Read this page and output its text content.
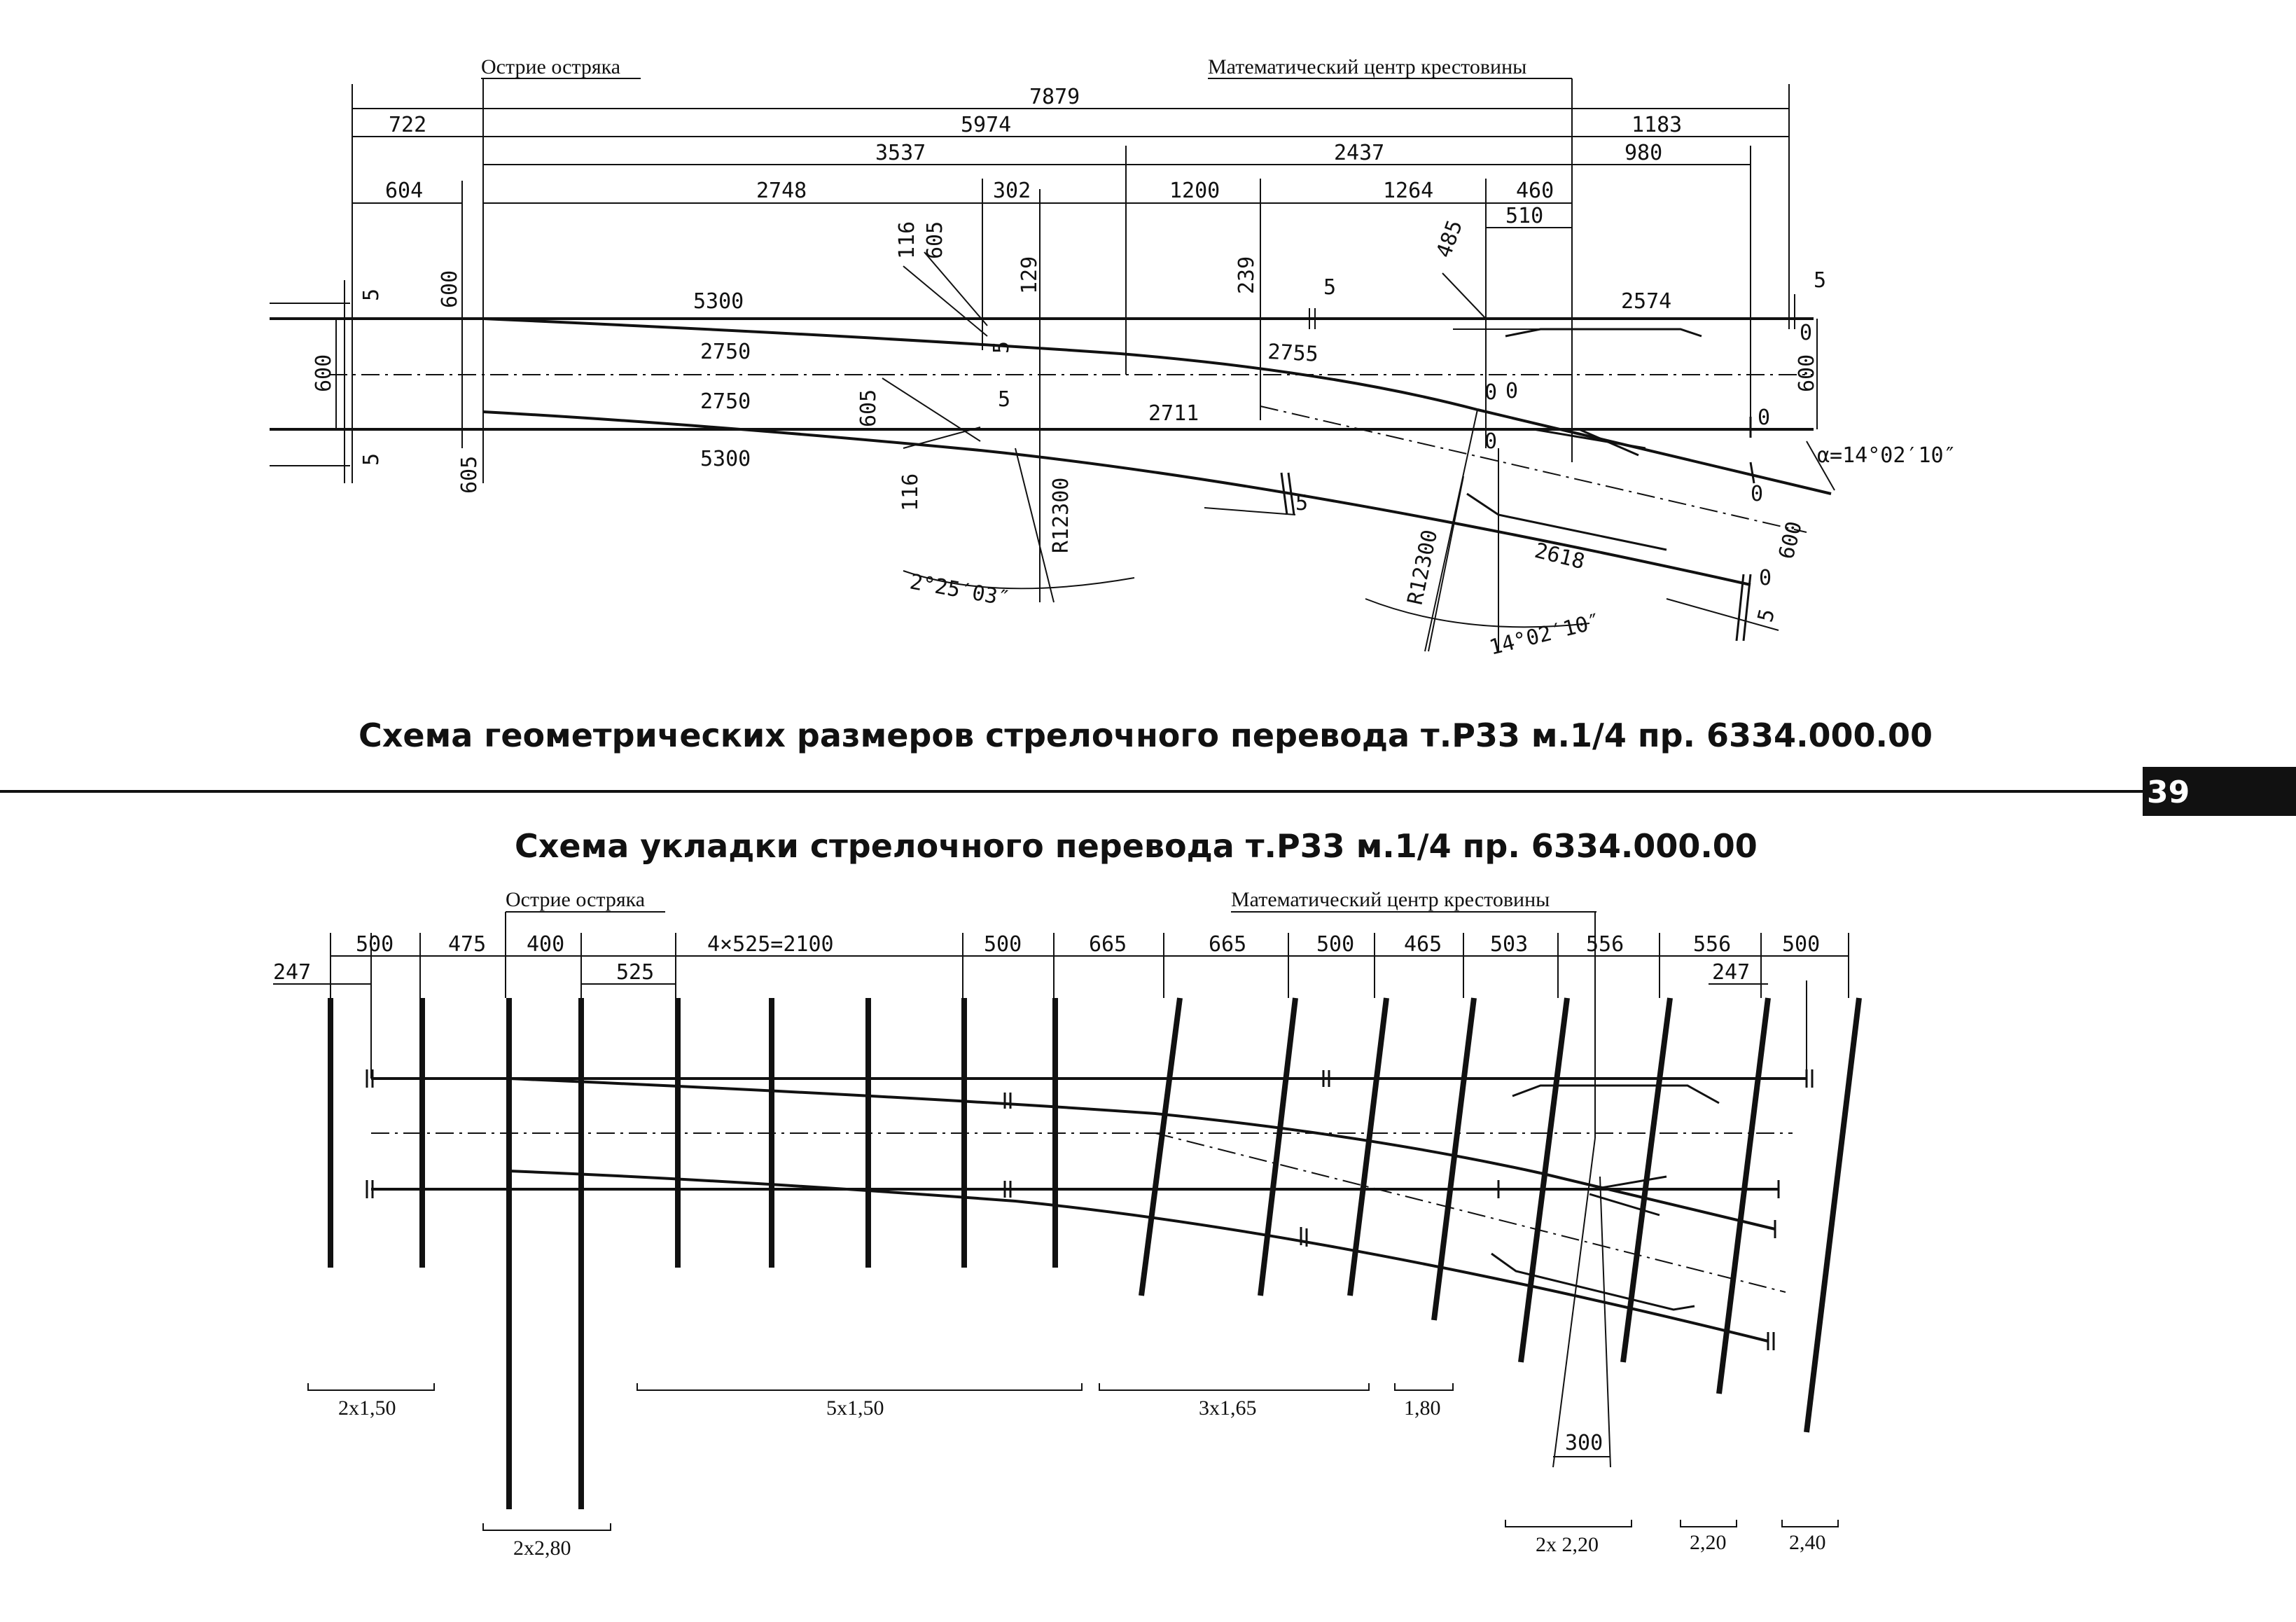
Острие остряка	Математический центр крестовины
7879
722	5974	1183
3537	2437	980
604	2748	302	1200	1264	460
510
600
600
605
5
5
5300
2750
2750
5300
2755
2711
2574
2618
116 605
605
116
129	239
5
5
5
485
0
0
5
0
600
0
0
α=14°02′10″
600
0
5
5
R12300
R12300
2°25′03″
14°02′10″
0
Схема геометрических размеров стрелочного перевода т.Р33 м.1/4 пр. 6334.000.00
39
Схема укладки стрелочного перевода т.Р33 м.1/4 пр. 6334.000.00
Острие остряка	Математический центр крестовины
247
500	475 400	4×525=2100
525
500	665	665	500 465 503	556	556 500
247
300
2x1,50
2x2,80
5x1,50	3x1,65	1,80
2x 2,20	2,20	2,40
